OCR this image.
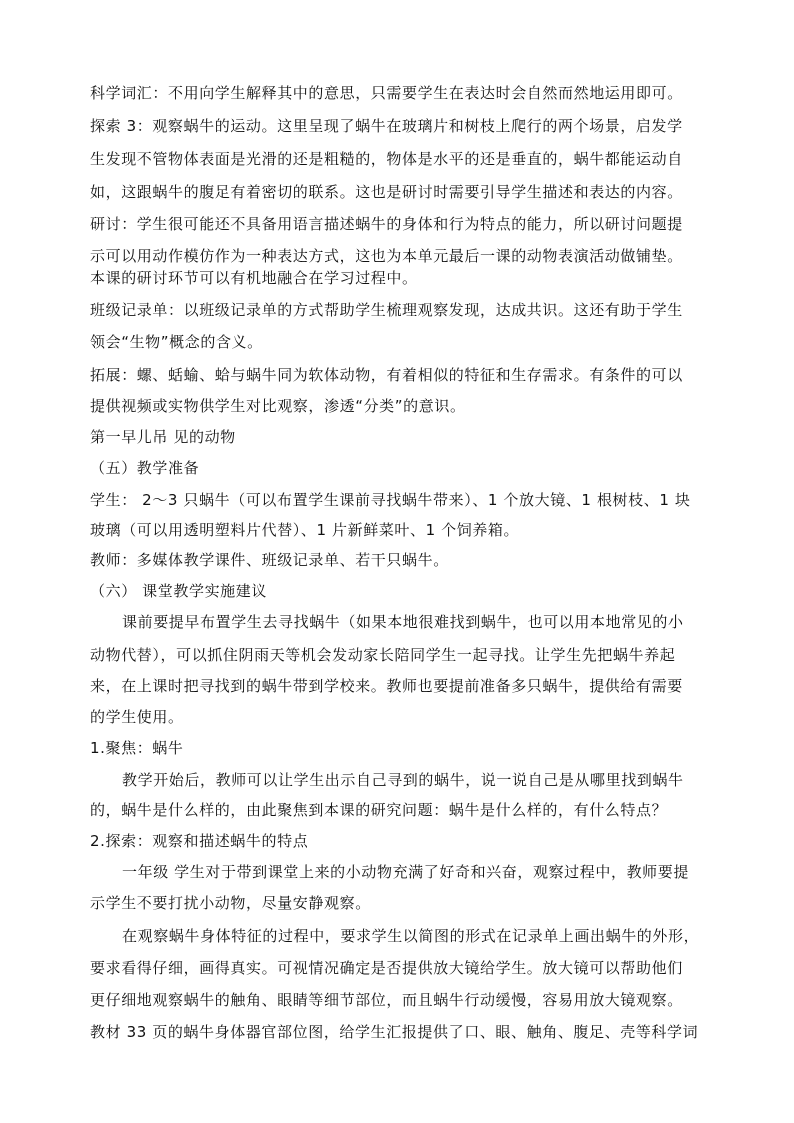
科学词汇：不用向学生解释其中的意思，只需要学生在表达时会自然而然地运用即可。
探索 3：观察蜗牛的运动。这里呈现了蜗牛在玻璃片和树枝上爬行的两个场景，启发学
生发现不管物体表面是光滑的还是粗糙的，物体是水平的还是垂直的，蜗牛都能运动自
如，这跟蜗牛的腹足有着密切的联系。这也是研讨时需要引导学生描述和表达的内容。
研讨：学生很可能还不具备用语言描述蜗牛的身体和行为特点的能力，所以研讨问题提
示可以用动作模仿作为一种表达方式，这也为本单元最后一课的动物表演活动做铺垫。
本课的研讨环节可以有机地融合在学习过程中。
班级记录单：以班级记录单的方式帮助学生梳理观察发现，达成共识。这还有助于学生
领会“生物”概念的含义。
拓展：螺、蛞蝓、蛤与蜗牛同为软体动物，有着相似的特征和生存需求。有条件的可以
提供视频或实物供学生对比观察，渗透“分类”的意识。
第一早儿吊 见的动物
（五）教学准备
学生： 2～3 只蜗牛（可以布置学生课前寻找蜗牛带来）、1 个放大镜、1 根树枝、1 块
玻璃（可以用透明塑料片代替）、1 片新鲜菜叶、1 个饲养箱。
教师：多媒体教学课件、班级记录单、若干只蜗牛。
（六） 课堂教学实施建议
课前要提早布置学生去寻找蜗牛（如果本地很难找到蜗牛，也可以用本地常见的小
动物代替），可以抓住阴雨天等机会发动家长陪同学生一起寻找。让学生先把蜗牛养起
来，在上课时把寻找到的蜗牛带到学校来。教师也要提前准备多只蜗牛，提供给有需要
的学生使用。
1.聚焦：蜗牛
教学开始后，教师可以让学生出示自己寻到的蜗牛，说一说自己是从哪里找到蜗牛
的，蜗牛是什么样的，由此聚焦到本课的研究问题：蜗牛是什么样的，有什么特点？
2.探索：观察和描述蜗牛的特点
一年级 学生对于带到课堂上来的小动物充满了好奇和兴奋，观察过程中，教师要提
示学生不要打扰小动物，尽量安静观察。
在观察蜗牛身体特征的过程中，要求学生以简图的形式在记录单上画出蜗牛的外形，
要求看得仔细，画得真实。可视情况确定是否提供放大镜给学生。放大镜可以帮助他们
更仔细地观察蜗牛的触角、眼睛等细节部位，而且蜗牛行动缓慢，容易用放大镜观察。
教材 33 页的蜗牛身体器官部位图，给学生汇报提供了口、眼、触角、腹足、壳等科学词
